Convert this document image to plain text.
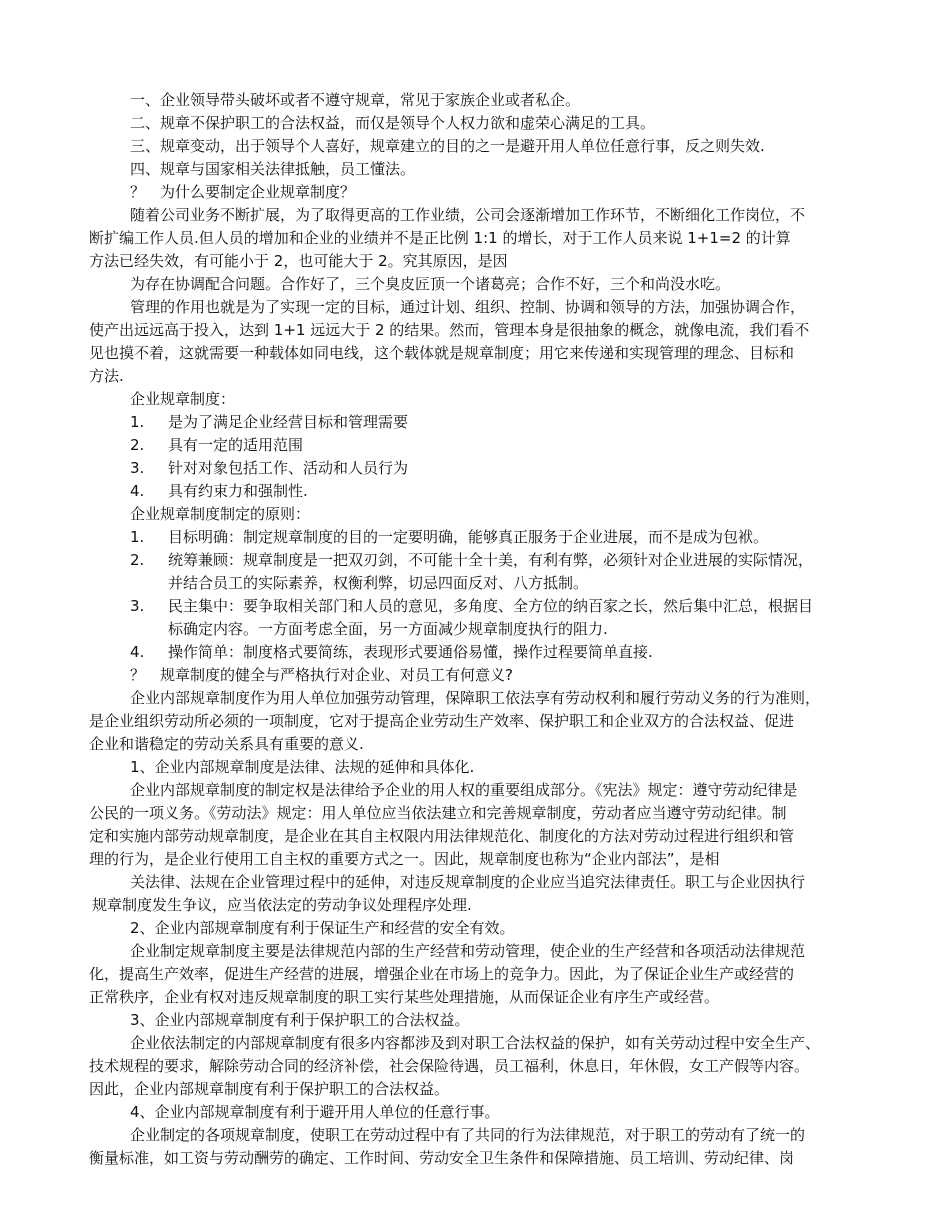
一、企业领导带头破坏或者不遵守规章，常见于家族企业或者私企。
二、规章不保护职工的合法权益，而仅是领导个人权力欲和虚荣心满足的工具。
三、规章变动，出于领导个人喜好，规章建立的目的之一是避开用人单位任意行事，反之则失效.
四、规章与国家相关法律抵触，员工懂法。
？　为什么要制定企业规章制度？
随着公司业务不断扩展，为了取得更高的工作业绩，公司会逐渐增加工作环节，不断细化工作岗位，不
断扩编工作人员.但人员的增加和企业的业绩并不是正比例 1:1 的增长，对于工作人员来说 1+1=2 的计算
方法已经失效，有可能小于 2，也可能大于 2。究其原因，是因
为存在协调配合问题。合作好了，三个臭皮匠顶一个诸葛亮；合作不好，三个和尚没水吃。
管理的作用也就是为了实现一定的目标，通过计划、组织、控制、协调和领导的方法，加强协调合作，
使产出远远高于投入，达到 1+1 远远大于 2 的结果。然而，管理本身是很抽象的概念，就像电流，我们看不
见也摸不着，这就需要一种载体如同电线，这个载体就是规章制度；用它来传递和实现管理的理念、目标和
方法.
企业规章制度：
1.	是为了满足企业经营目标和管理需要
2.	具有一定的适用范围
3.	针对对象包括工作、活动和人员行为
4.	具有约束力和强制性.
企业规章制度制定的原则：
1.	目标明确：制定规章制度的目的一定要明确，能够真正服务于企业进展，而不是成为包袱。
2.	统筹兼顾：规章制度是一把双刃剑，不可能十全十美，有利有弊，必须针对企业进展的实际情况，
并结合员工的实际素养，权衡利弊，切忌四面反对、八方抵制。
3.	民主集中：要争取相关部门和人员的意见，多角度、全方位的纳百家之长，然后集中汇总，根据目
标确定内容。一方面考虑全面，另一方面减少规章制度执行的阻力.
4.	操作简单：制度格式要简练，表现形式要通俗易懂，操作过程要简单直接.
？　规章制度的健全与严格执行对企业、对员工有何意义?
企业内部规章制度作为用人单位加强劳动管理，保障职工依法享有劳动权利和履行劳动义务的行为准则，
是企业组织劳动所必须的一项制度，它对于提高企业劳动生产效率、保护职工和企业双方的合法权益、促进
企业和谐稳定的劳动关系具有重要的意义.
1、企业内部规章制度是法律、法规的延伸和具体化.
企业内部规章制度的制定权是法律给予企业的用人权的重要组成部分。《宪法》规定：遵守劳动纪律是
公民的一项义务。《劳动法》规定：用人单位应当依法建立和完善规章制度，劳动者应当遵守劳动纪律。制
定和实施内部劳动规章制度，是企业在其自主权限内用法律规范化、制度化的方法对劳动过程进行组织和管
理的行为，是企业行使用工自主权的重要方式之一。因此，规章制度也称为“企业内部法”，是相
关法律、法规在企业管理过程中的延伸，对违反规章制度的企业应当追究法律责任。职工与企业因执行
规章制度发生争议，应当依法定的劳动争议处理程序处理.
2、企业内部规章制度有利于保证生产和经营的安全有效。
企业制定规章制度主要是法律规范内部的生产经营和劳动管理，使企业的生产经营和各项活动法律规范
化，提高生产效率，促进生产经营的进展，增强企业在市场上的竞争力。因此，为了保证企业生产或经营的
正常秩序，企业有权对违反规章制度的职工实行某些处理措施，从而保证企业有序生产或经营。
3、企业内部规章制度有利于保护职工的合法权益。
企业依法制定的内部规章制度有很多内容都涉及到对职工合法权益的保护，如有关劳动过程中安全生产、
技术规程的要求，解除劳动合同的经济补偿，社会保险待遇，员工福利，休息日，年休假，女工产假等内容。
因此，企业内部规章制度有利于保护职工的合法权益。
4、企业内部规章制度有利于避开用人单位的任意行事。
企业制定的各项规章制度，使职工在劳动过程中有了共同的行为法律规范，对于职工的劳动有了统一的
衡量标准，如工资与劳动酬劳的确定、工作时间、劳动安全卫生条件和保障措施、员工培训、劳动纪律、岗
